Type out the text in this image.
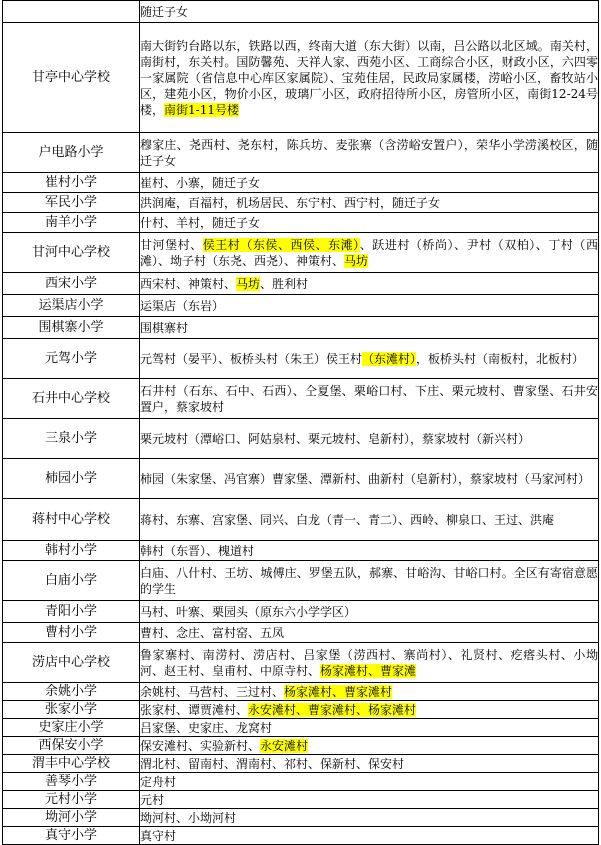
	随迁子女
甘亭中心学校	南大街钓台路以东，铁路以西，终南大道（东大街）以南，吕公路以北区域。南关村，南街村，东关村。国防馨苑、天祥人家、西苑小区、工商综合小区，财政小区，六四零一家属院（省信息中心库区家属院）、宝苑佳居，民政局家属楼，涝峪小区，畜牧站小区，建苑小区，物价小区，玻璃厂小区，政府招待所小区，房管所小区，南街12-24号楼，南街1-11号楼
户电路小学	穆家庄、尧西村、尧东村，陈兵坊、麦张寨（含涝峪安置户），荣华小学涝溪校区，随迁子女
崔村小学	崔村、小寨，随迁子女
军民小学	洪润庵，百福村，机场居民、东宁村、西宁村，随迁子女
南羊小学	什村、羊村，随迁子女
甘河中心学校	甘河堡村、侯王村（东侯、西侯、东滩）、跃进村（桥尚）、尹村（双柏）、丁村（西滩）、坳子村（东尧、西尧）、神策村、马坊
西宋小学	西宋村、神策村、马坊、胜利村
运渠店小学	运渠店（东岩）
围棋寨小学	围棋寨村
元驾小学	元驾村（晏平）、板桥头村（朱王）侯王村（东滩村），板桥头村（南板村，北板村）
石井中心学校	石井村（石东、石中、石西）、仝夏堡、栗峪口村、下庄、栗元坡村、曹家堡、石井安置户，蔡家坡村
三泉小学	栗元坡村（潭峪口、阿姑泉村、栗元坡村、皂新村），蔡家坡村（新兴村）
柿园小学	柿园（朱家堡、冯官寨）曹家堡、潭新村、曲新村（皂新村），蔡家坡村（马家河村）
蒋村中心学校	蒋村、东寨、宫家堡、同兴、白龙（青一、青二）、西岭、柳泉口、王过、洪庵
韩村小学	韩村（东晋）、槐道村
白庙小学	白庙、八什村、王坊、城傅庄、罗堡五队，郝寨、甘峪沟、甘峪口村。全区有寄宿意愿的学生
青阳小学	马村、叶寨、栗园头（原东六小学学区）
曹村小学	曹村、念庄、富村窑、五凤
涝店中心学校	鲁家寨村、南涝村、涝店村、吕家堡（涝西村、寨尚村）、礼贤村、疙瘩头村、小坳河、赵王村、皇甫村、中原寺村、杨家滩村、曹家滩
余姚小学	余姚村、马营村、三过村、杨家滩村、曹家滩村
张家小学	张家村、谭贾滩村、永安滩村、曹家滩村、杨家滩村
史家庄小学	吕家堡、史家庄、龙窝村
西保安小学	保安滩村、实验新村、永安滩村
渭丰中心学校	渭北村、留南村、渭南村、祁村、保新村、保安村
善琴小学	定舟村
元村小学	元村
坳河小学	坳河村、小坳河村
真守小学	真守村
